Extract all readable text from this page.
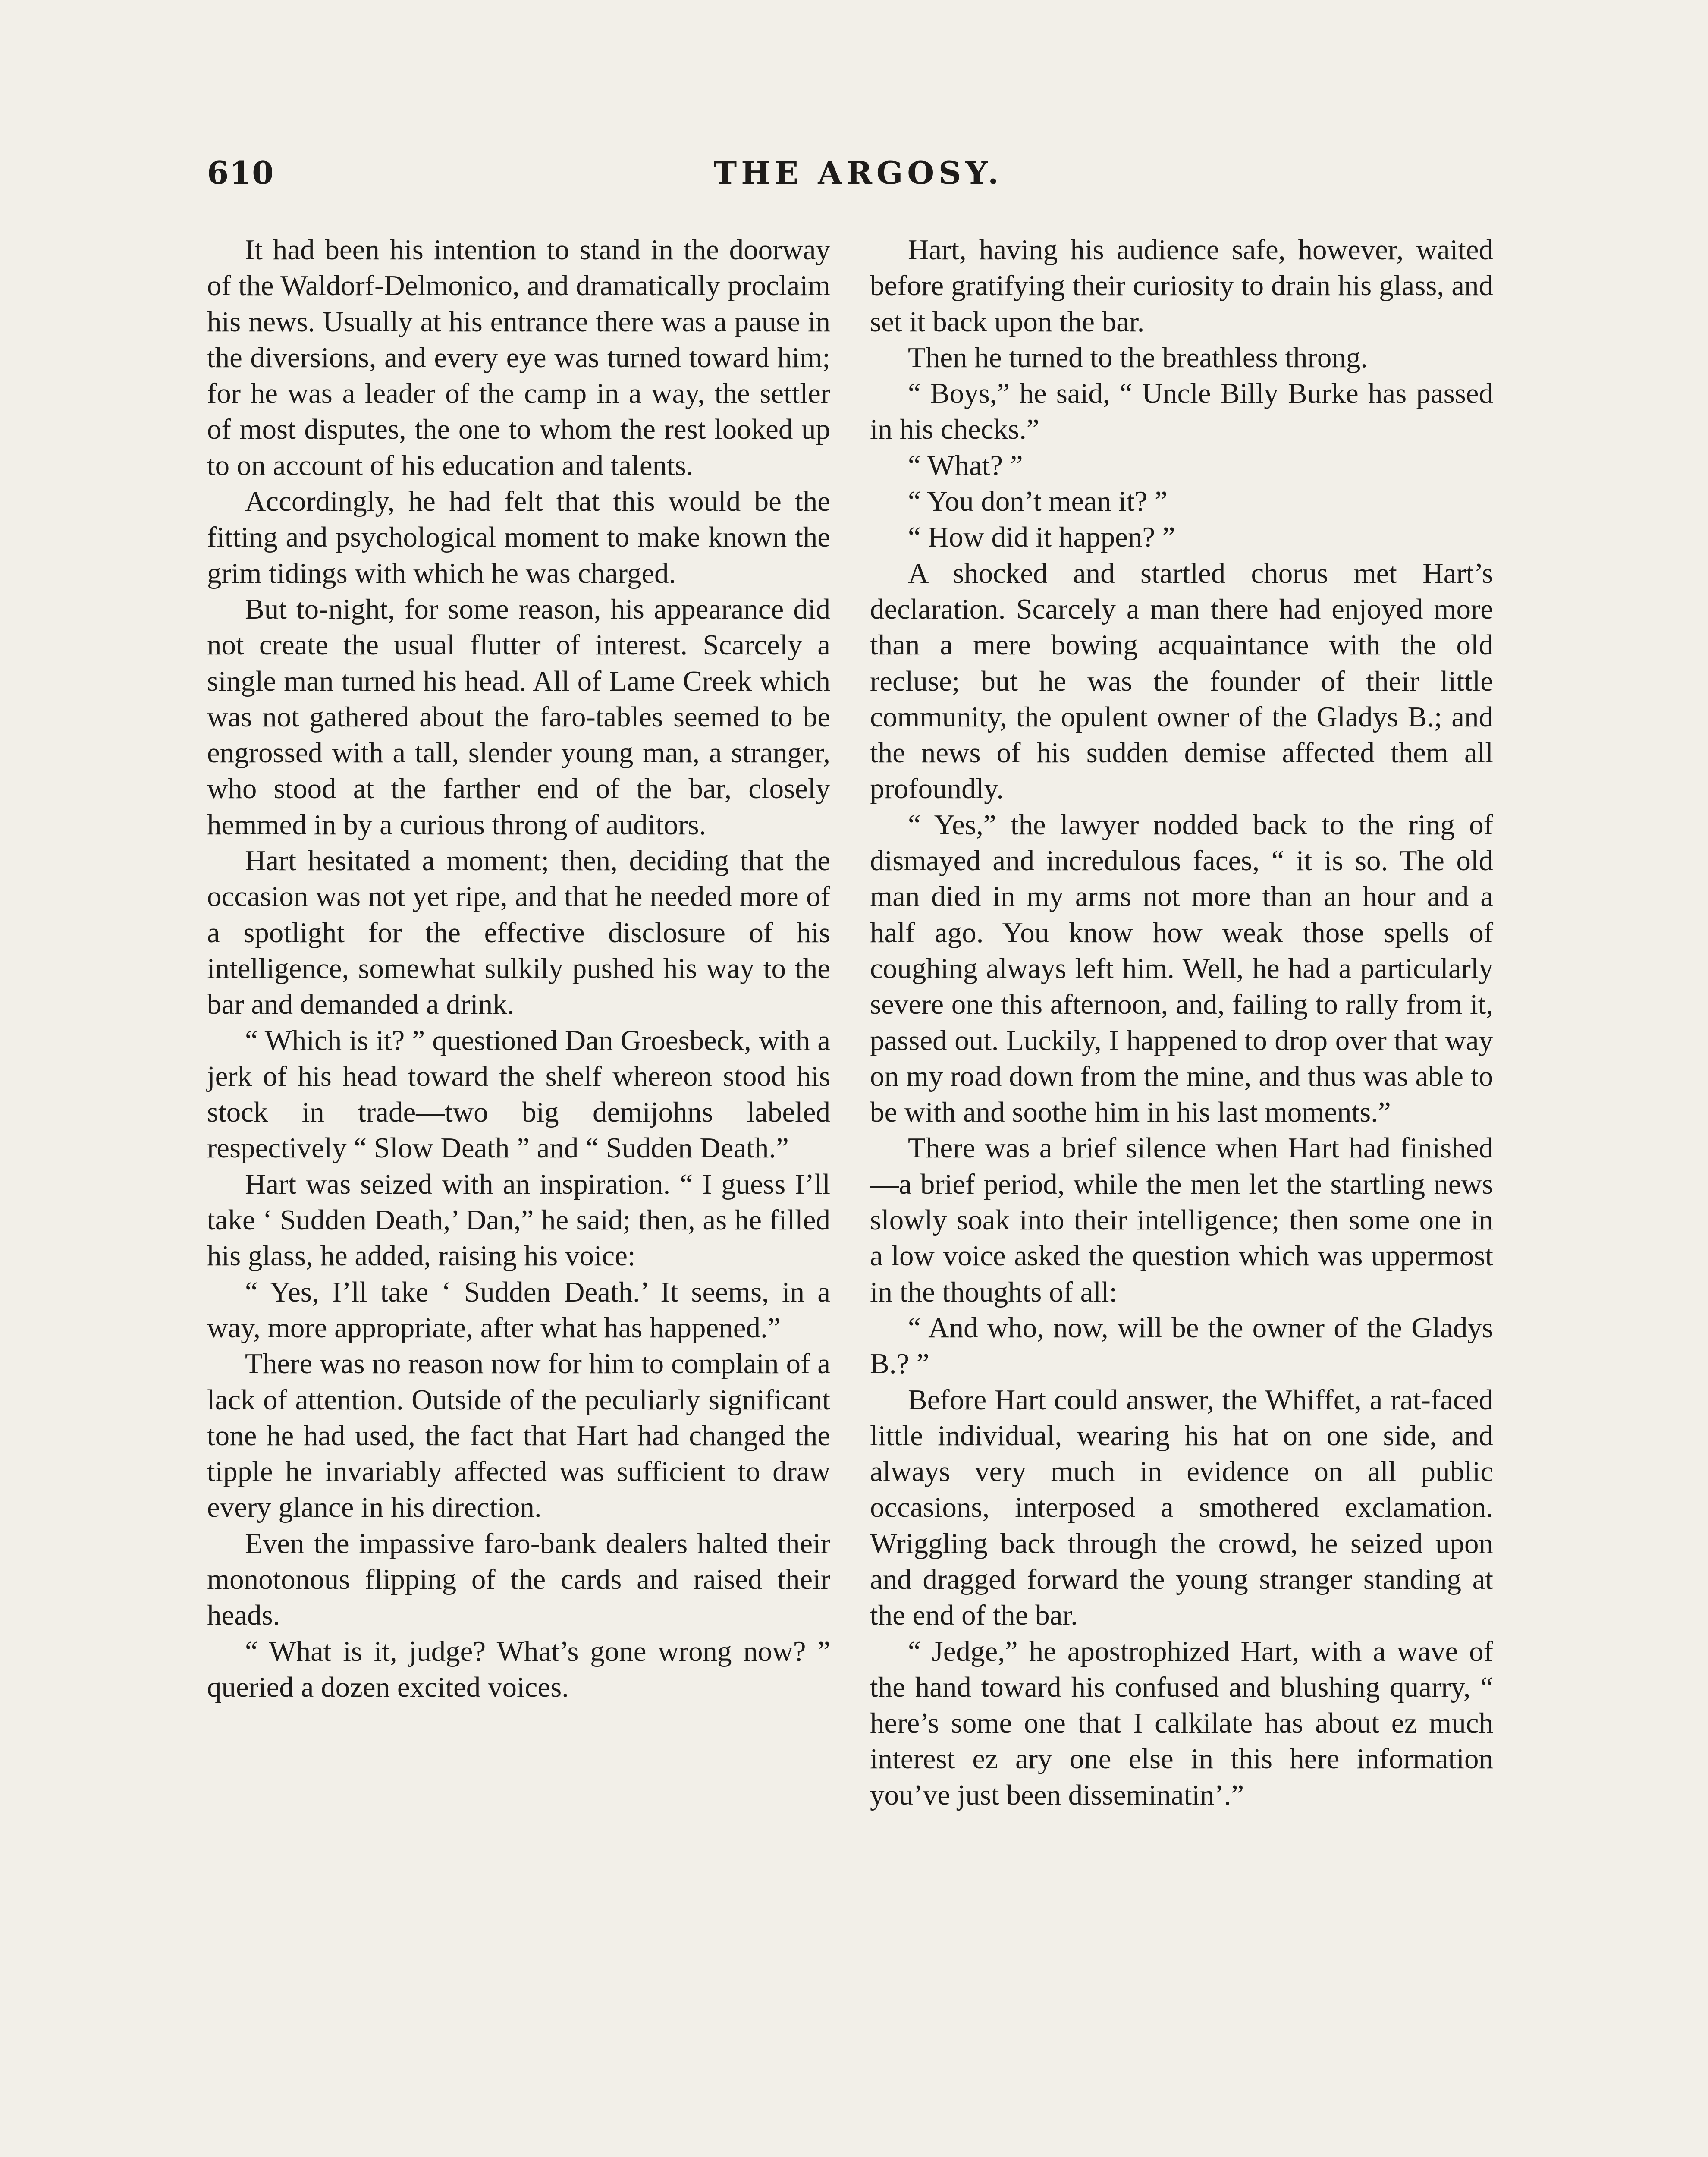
610	THE ARGOSY.

It had been his intention to stand in the doorway of the Waldorf-Delmonico, and dramatically proclaim his news. Usually at his entrance there was a pause in the diversions, and every eye was turned toward him; for he was a leader of the camp in a way, the settler of most disputes, the one to whom the rest looked up to on account of his education and talents.

Accordingly, he had felt that this would be the fitting and psychological moment to make known the grim tidings with which he was charged.

But to-night, for some reason, his appearance did not create the usual flutter of interest. Scarcely a single man turned his head. All of Lame Creek which was not gathered about the faro-tables seemed to be engrossed with a tall, slender young man, a stranger, who stood at the farther end of the bar, closely hemmed in by a curious throng of auditors.

Hart hesitated a moment; then, deciding that the occasion was not yet ripe, and that he needed more of a spotlight for the effective disclosure of his intelligence, somewhat sulkily pushed his way to the bar and demanded a drink.

“ Which is it? ” questioned Dan Groesbeck, with a jerk of his head toward the shelf whereon stood his stock in trade—two big demijohns labeled respectively “ Slow Death ” and “ Sudden Death.”

Hart was seized with an inspiration. “ I guess I’ll take ‘ Sudden Death,’ Dan,” he said; then, as he filled his glass, he added, raising his voice:

“ Yes, I’ll take ‘ Sudden Death.’ It seems, in a way, more appropriate, after what has happened.”

There was no reason now for him to complain of a lack of attention. Outside of the peculiarly significant tone he had used, the fact that Hart had changed the tipple he invariably affected was sufficient to draw every glance in his direction.

Even the impassive faro-bank dealers halted their monotonous flipping of the cards and raised their heads.

“ What is it, judge? What’s gone wrong now? ” queried a dozen excited voices.

Hart, having his audience safe, however, waited before gratifying their curiosity to drain his glass, and set it back upon the bar.

Then he turned to the breathless throng.

“ Boys,” he said, “ Uncle Billy Burke has passed in his checks.”

“ What? ”

“ You don’t mean it? ”

“ How did it happen? ”

A shocked and startled chorus met Hart’s declaration. Scarcely a man there had enjoyed more than a mere bowing acquaintance with the old recluse; but he was the founder of their little community, the opulent owner of the Gladys B.; and the news of his sudden demise affected them all profoundly.

“ Yes,” the lawyer nodded back to the ring of dismayed and incredulous faces, “ it is so. The old man died in my arms not more than an hour and a half ago. You know how weak those spells of coughing always left him. Well, he had a particularly severe one this afternoon, and, failing to rally from it, passed out. Luckily, I happened to drop over that way on my road down from the mine, and thus was able to be with and soothe him in his last moments.”

There was a brief silence when Hart had finished—a brief period, while the men let the startling news slowly soak into their intelligence; then some one in a low voice asked the question which was uppermost in the thoughts of all:

“ And who, now, will be the owner of the Gladys B.? ”

Before Hart could answer, the Whiffet, a rat-faced little individual, wearing his hat on one side, and always very much in evidence on all public occasions, interposed a smothered exclamation. Wriggling back through the crowd, he seized upon and dragged forward the young stranger standing at the end of the bar.

“ Jedge,” he apostrophized Hart, with a wave of the hand toward his confused and blushing quarry, “ here’s some one that I calkilate has about ez much interest ez ary one else in this here information you’ve just been disseminatin’.”
